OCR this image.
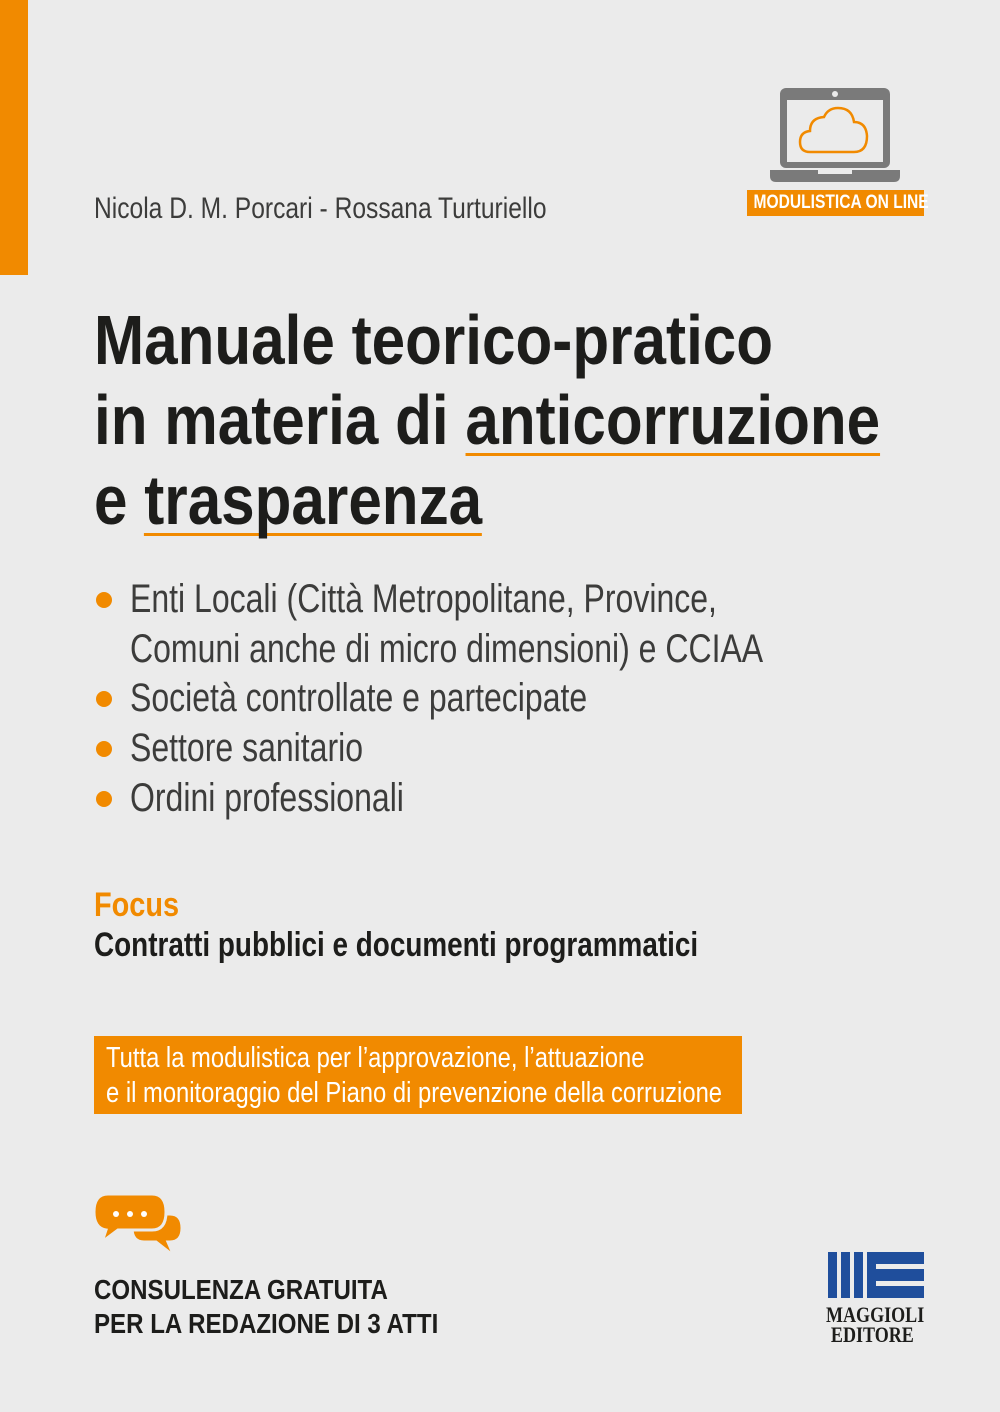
Nicola D. M. Porcari - Rossana Turturiello	MODULISTICA ON LINE
Manuale teorico-pratico
in materia di anticorruzione
e trasparenza
Enti Locali (Città Metropolitane, Province,
Comuni anche di micro dimensioni) e CCIAA
Società controllate e partecipate
Settore sanitario
Ordini professionali
Focus
Contratti pubblici e documenti programmatici
Tutta la modulistica per l’approvazione, l’attuazione
e il monitoraggio del Piano di prevenzione della corruzione
CONSULENZA GRATUITA
PER LA REDAZIONE DI 3 ATTI	MAGGIOLI
EDITORE
